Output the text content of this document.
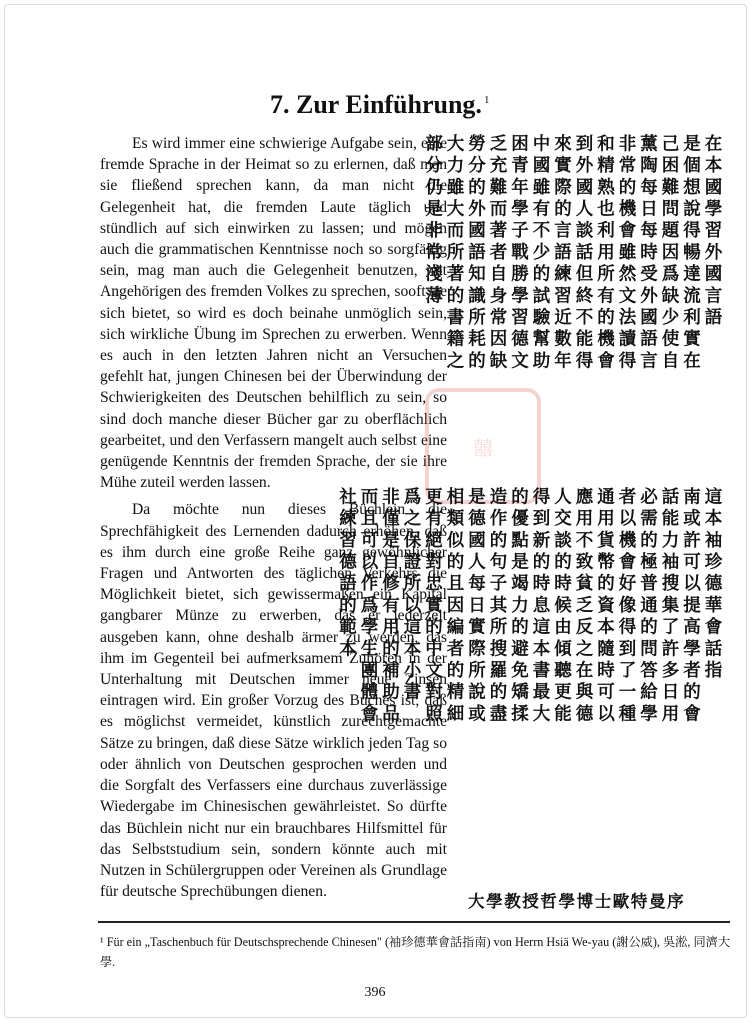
7. Zur Einführung. $^1$

Es wird immer eine schwierige Aufgabe sein, eine fremde Sprache in der Heimat so zu erlernen, daß man sie fließend sprechen kann, da man nicht die Gelegenheit hat, die fremden Laute täglich und stündlich auf sich einwirken zu lassen; und mögen auch die grammatischen Kenntnisse noch so sorgfältig sein, mag man auch die Gelegenheit benutzen, mit Angehörigen des fremden Volkes zu sprechen, sooft sie sich bietet, so wird es doch beinahe unmöglich sein, sich wirkliche Übung im Sprechen zu erwerben. Wenn es auch in den letzten Jahren nicht an Versuchen gefehlt hat, jungen Chinesen bei der Überwindung der Schwierigkeiten des Deutschen behilflich zu sein, so sind doch manche dieser Bücher gar zu oberflächlich gearbeitet, und den Verfassern mangelt auch selbst eine genügende Kenntnis der fremden Sprache, der sie ihre Mühe zuteil werden lassen.

Da möchte nun dieses Büchlein die Sprechfähigkeit des Lernenden dadurch erhöhen, daß es ihm durch eine große Reihe ganz gewöhnlicher Fragen und Antworten des täglichen Verkehrs die Möglichkeit bietet, sich gewissermaßen ein Kapital gangbarer Münze zu erwerben, das er jederzeit ausgeben kann, ohne deshalb ärmer zu werden, das ihm im Gegenteil bei aufmerksamem Zuhören in der Unterhaltung mit Deutschen immer neue Zinsen eintragen wird. Ein großer Vorzug des Buches ist, daß es möglichst vermeidet, künstlich zurechtgemachte Sätze zu bringen, daß diese Sätze wirklich jeden Tag so oder ähnlich von Deutschen gesprochen werden und die Sorgfalt des Verfassers eine durchaus zuverlässige Wiedergabe im Chinesischen gewährleistet. So dürfte das Büchlein nicht nur ein brauchbares Hilfsmittel für das Selbststudium sein, sondern könnte auch mit Nutzen in Schülergruppen oder Vereinen als Grundlage für deutsche Sprechübungen dienen.

囍
在本國學習外國言語
是個想說得暢達流利實在
己困難問題因爲缺少使自
薰陶每日每時受外國語言
非常的機會雖然文法讀得
和精熟也利用所有的機會
到外國人談話但終不能得
來實際的言語練習近數年
中國雖有不少的試驗幫助
困青年學子戰勝學習德文
乏充難而著者自身常因缺
勞分的外國語知識所耗的
大力雖大而所著的書籍之
部分仍是非常淺薄
這本袖珍德華會話指
南或許可以提高學者的會
話能力袖搜集了許多日用
必需的極普通的問答給學
者以機會好像得到了一種
通用貨幣的資本隨時可以
應用不致貧乏反之在與德
人交談的時候由傾聽更能
得到新的時息這本書最大
的優點是竭力的避免矯揉
造作的句子其所搜羅的盡
是德國人每日實際所說或
相類似的且因編者的精細
更有絕對忠實的中文對照
爲之保證所以這本小書
非僅是自修有用的補助品
而且可以作爲學生團體會
社練習德語的範本
大學教授哲學博士歐特曼序
¹ Für ein „Taschenbuch für Deutschsprechende Chinesen" (袖珍德華會話指南) von Herrn Hsiä We-yau (謝公威), 吳淞, 同濟大學.
396
